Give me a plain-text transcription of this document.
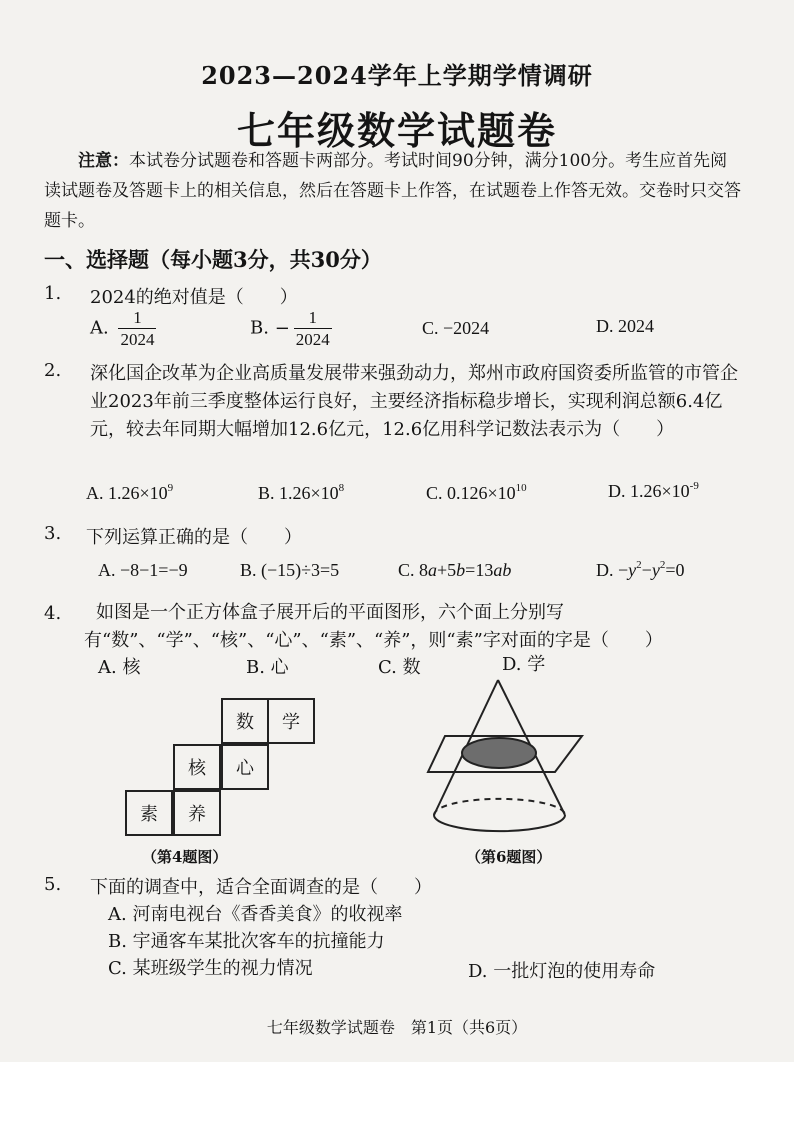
2023—2024学年上学期学情调研
七年级数学试题卷
注意：本试卷分试题卷和答题卡两部分。考试时间90分钟，满分100分。考生应首先阅读试题卷及答题卡上的相关信息，然后在答题卡上作答，在试题卷上作答无效。交卷时只交答题卡。
一、选择题（每小题3分，共30分）
1. 2024的绝对值是（　　）
A. $\frac{1}{2024}$	B. − $\frac{1}{2024}$	C. −2024	D. 2024
2. 深化国企改革为企业高质量发展带来强劲动力，郑州市政府国资委所监管的市管企业2023年前三季度整体运行良好，主要经济指标稳步增长，实现利润总额6.4亿元，较去年同期大幅增加12.6亿元，12.6亿用科学记数法表示为（　　）
A. $1.26\times 10^9$	B. $1.26\times 10^8$	C. $0.126\times 10^{10}$	D. $1.26\times 10^{-9}$
3. 下列运算正确的是（　　）
A. −8−1=−9	B. (−15)÷3=5	C. 8a+5b=13ab	D. $-y^2-y^2=0$
4.	如图是一个正方体盒子展开后的平面图形，六个面上分别写有“数”、“学”、“核”、“心”、“素”、“养”，则“素”字对面的字是（　　）
A. 核	B. 心	C. 数	D. 学
数	学
核	心
素	养
（第4题图）	（第6题图）
5. 下面的调查中，适合全面调查的是（　　）
A. 河南电视台《香香美食》的收视率
B. 宇通客车某批次客车的抗撞能力
C. 某班级学生的视力情况	D. 一批灯泡的使用寿命
七年级数学试题卷　第1页（共6页）
